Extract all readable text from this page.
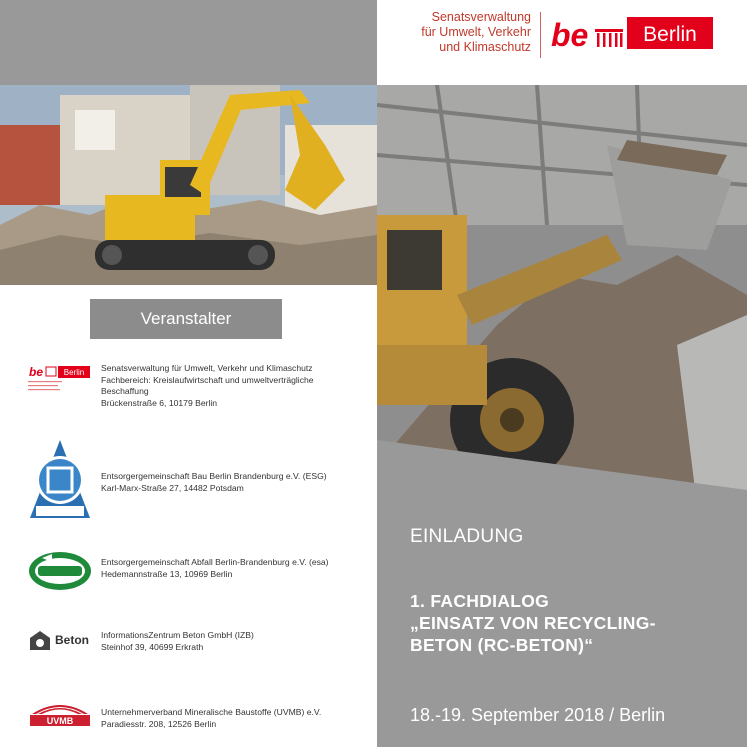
Veranstalter
be	Berlin Senatsverwaltung für Umwelt, Verkehr und Klimaschutz
Fachbereich: Kreislaufwirtschaft und umweltverträgliche
Beschaffung
Brückenstraße 6, 10179 Berlin
Entsorgergemeinschaft Bau Berlin Brandenburg e.V. (ESG)
Karl-Marx-Straße 27, 14482 Potsdam
Entsorgergemeinschaft Abfall Berlin-Brandenburg e.V. (esa)
Hedemannstraße 13, 10969 Berlin
Beton InformationsZentrum Beton GmbH (IZB)
Steinhof 39, 40699 Erkrath
UVMB
Unternehmerverband Mineralische Baustoffe (UVMB) e.V.
Paradiesstr. 208, 12526 Berlin
Senatsverwaltung
für Umwelt, Verkehr
und Klimaschutz be	Berlin
EINLADUNG
1. FACHDIALOG
„EINSATZ VON RECYCLING-
BETON (RC-BETON)“
18.-19. September 2018 / Berlin
